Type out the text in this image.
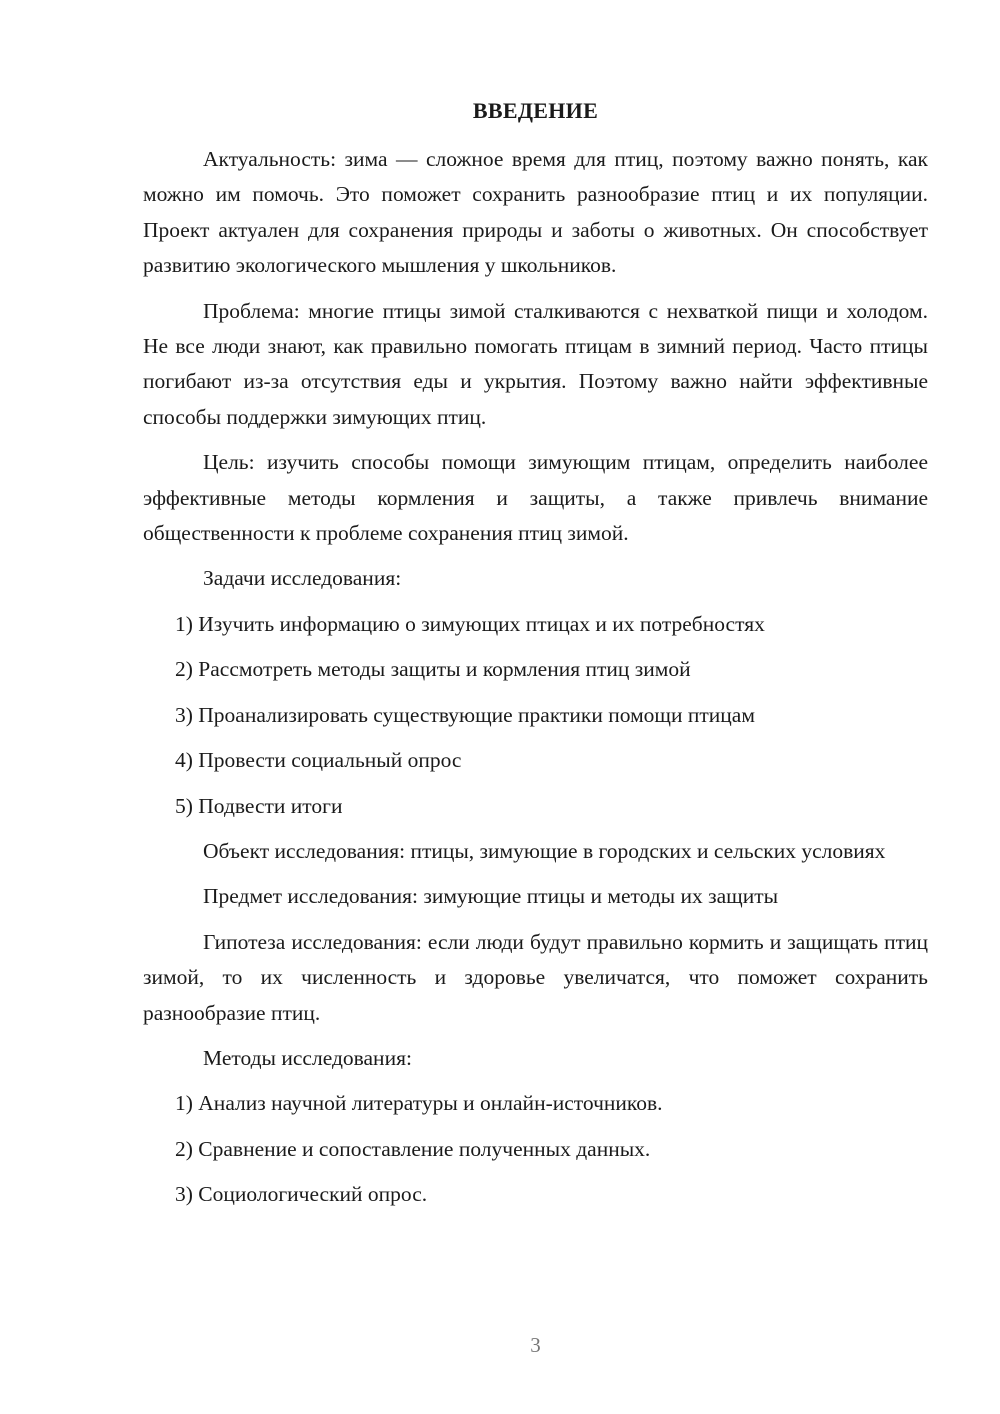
ВВЕДЕНИЕ

Актуальность: зима — сложное время для птиц, поэтому важно понять, как можно им помочь. Это поможет сохранить разнообразие птиц и их популяции. Проект актуален для сохранения природы и заботы о животных. Он способствует развитию экологического мышления у школьников.

Проблема: многие птицы зимой сталкиваются с нехваткой пищи и холодом. Не все люди знают, как правильно помогать птицам в зимний период. Часто птицы погибают из-за отсутствия еды и укрытия. Поэтому важно найти эффективные способы поддержки зимующих птиц.

Цель: изучить способы помощи зимующим птицам, определить наиболее эффективные методы кормления и защиты, а также привлечь внимание общественности к проблеме сохранения птиц зимой.

Задачи исследования:

1) Изучить информацию о зимующих птицах и их потребностях
2) Рассмотреть методы защиты и кормления птиц зимой
3) Проанализировать существующие практики помощи птицам
4) Провести социальный опрос
5) Подвести итоги

Объект исследования: птицы, зимующие в городских и сельских условиях

Предмет исследования: зимующие птицы и методы их защиты

Гипотеза исследования: если люди будут правильно кормить и защищать птиц зимой, то их численность и здоровье увеличатся, что поможет сохранить разнообразие птиц.

Методы исследования:

1) Анализ научной литературы и онлайн-источников.
2) Сравнение и сопоставление полученных данных.
3) Социологический опрос.
3
